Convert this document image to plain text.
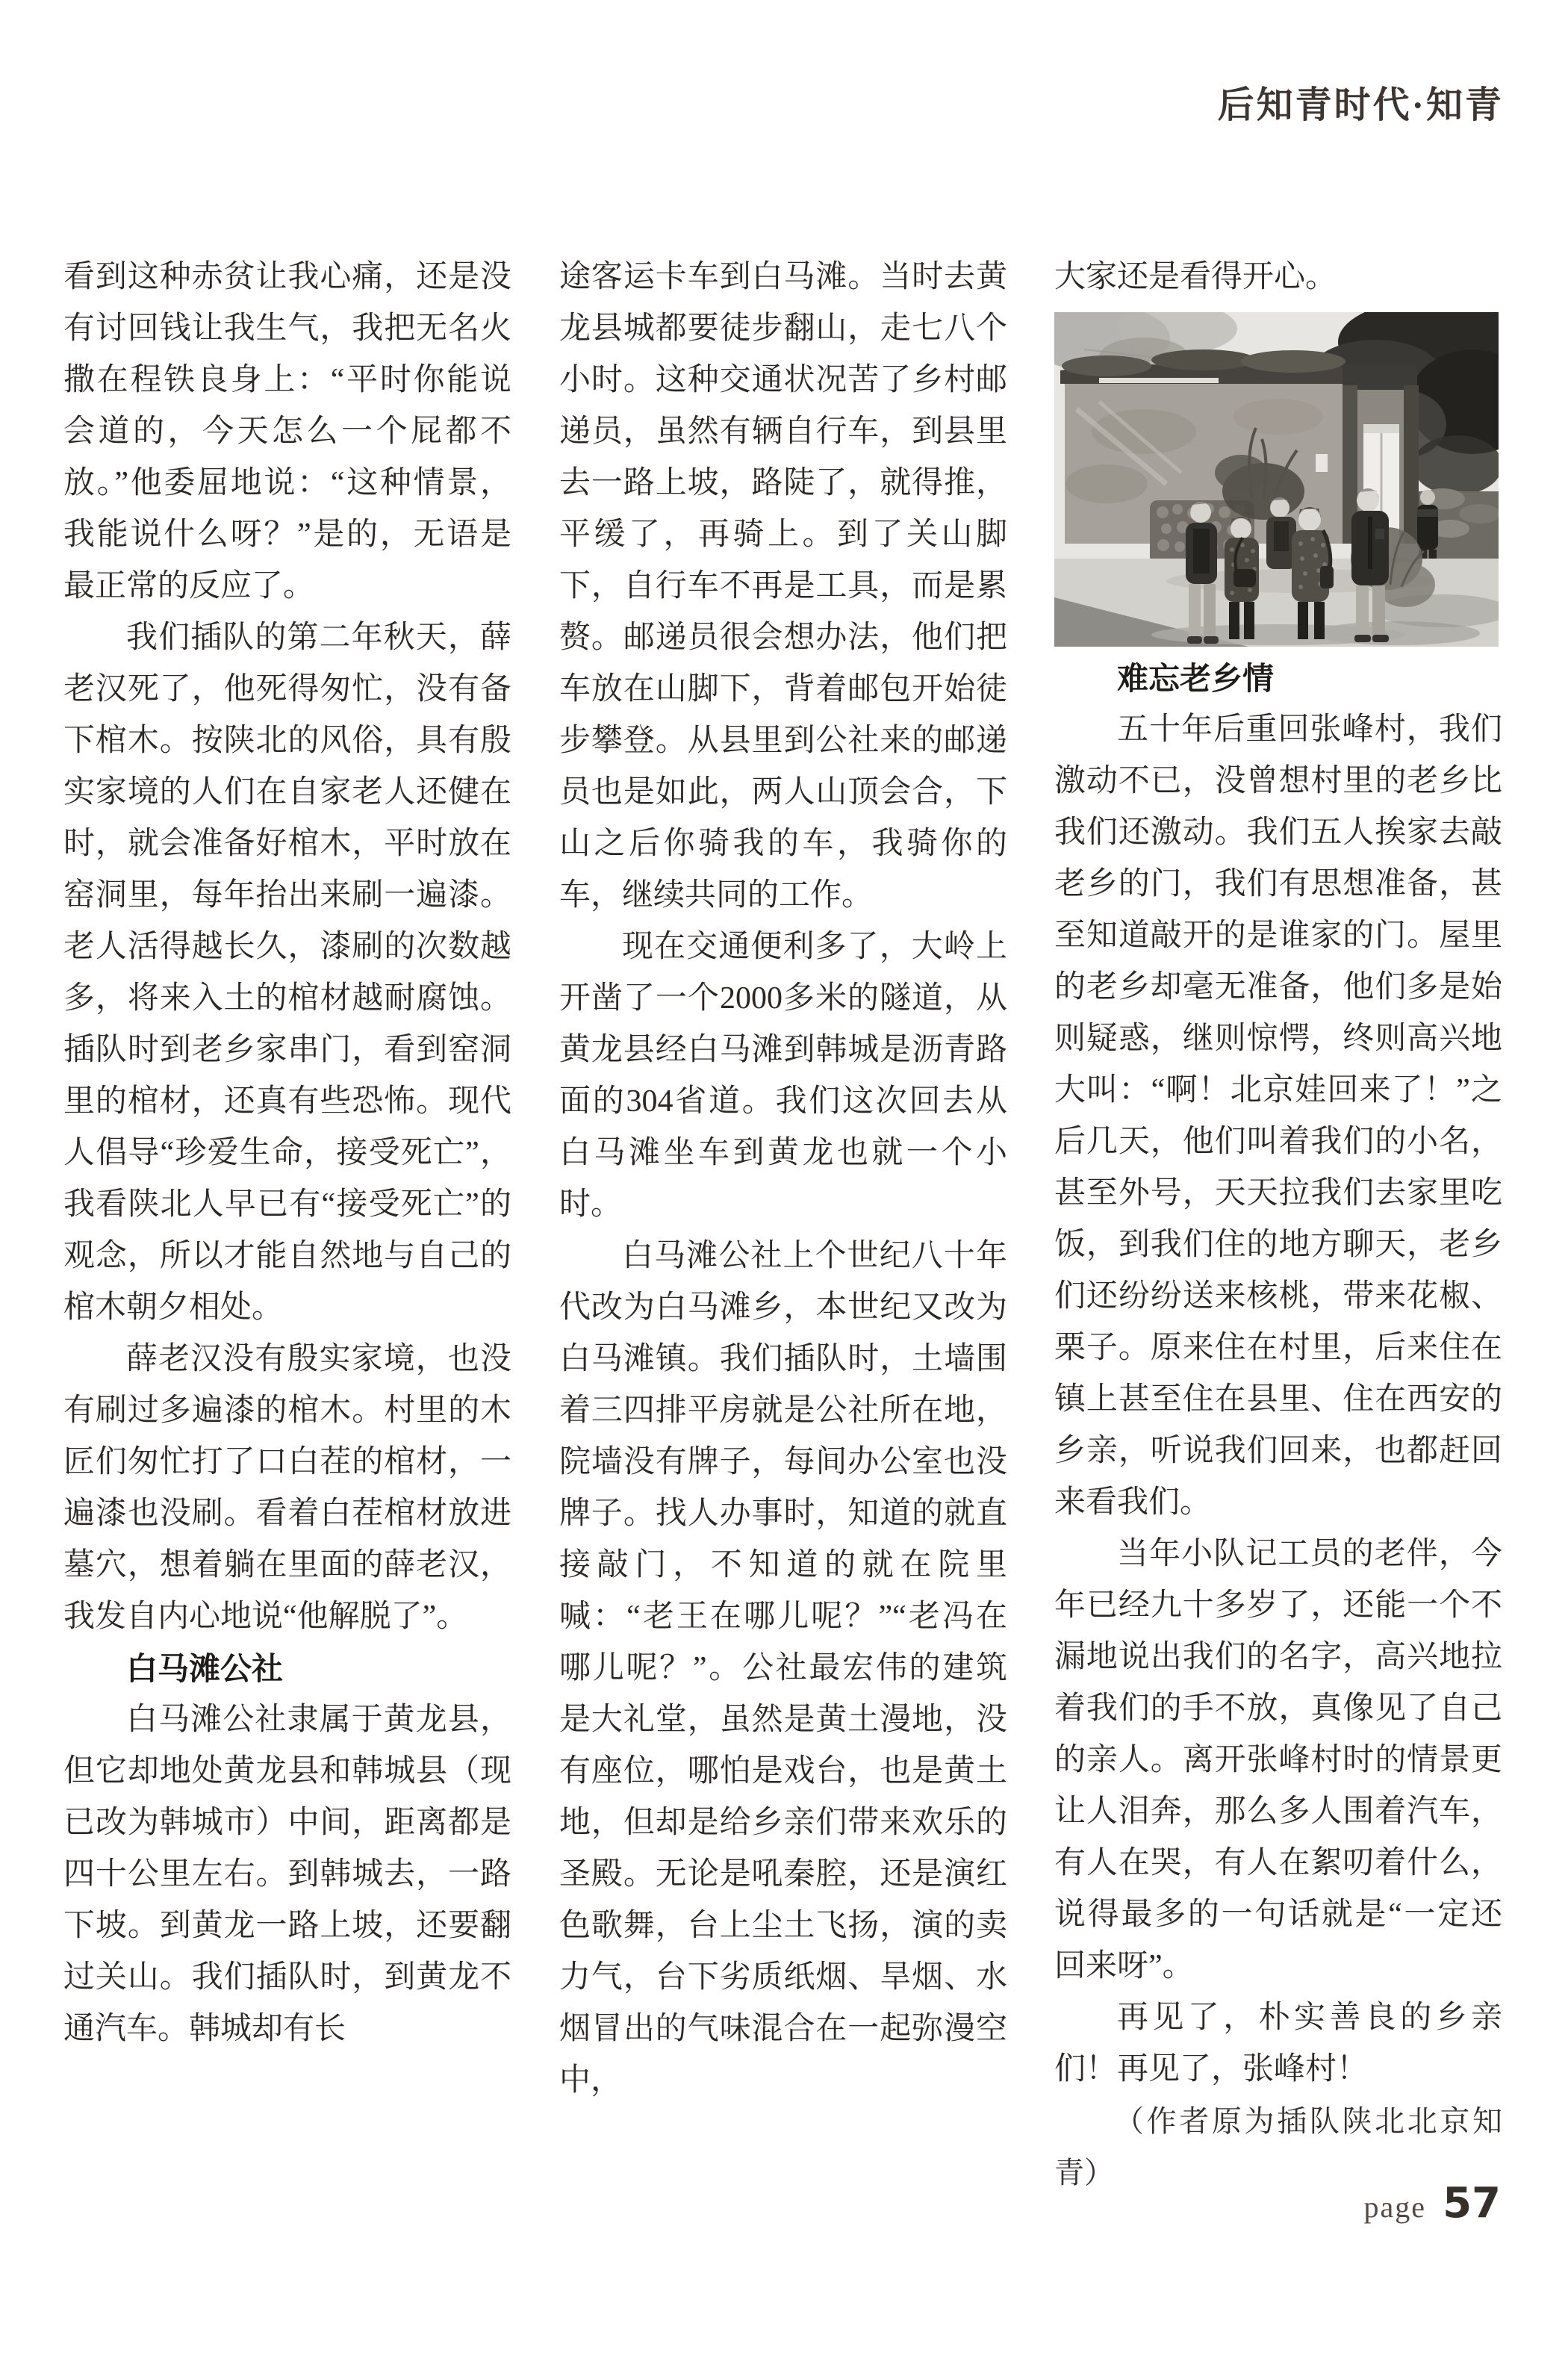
后知青时代·知青

看到这种赤贫让我心痛，还是没有讨回钱让我生气，我把无名火撒在程铁良身上：“平时你能说会道的，今天怎么一个屁都不放。”他委屈地说：“这种情景，我能说什么呀？”是的，无语是最正常的反应了。

我们插队的第二年秋天，薛老汉死了，他死得匆忙，没有备下棺木。按陕北的风俗，具有殷实家境的人们在自家老人还健在时，就会准备好棺木，平时放在窑洞里，每年抬出来刷一遍漆。老人活得越长久，漆刷的次数越多，将来入土的棺材越耐腐蚀。插队时到老乡家串门，看到窑洞里的棺材，还真有些恐怖。现代人倡导“珍爱生命，接受死亡”，我看陕北人早已有“接受死亡”的观念，所以才能自然地与自己的棺木朝夕相处。

薛老汉没有殷实家境，也没有刷过多遍漆的棺木。村里的木匠们匆忙打了口白茬的棺材，一遍漆也没刷。看着白茬棺材放进墓穴，想着躺在里面的薛老汉，我发自内心地说“他解脱了”。

白马滩公社

白马滩公社隶属于黄龙县，但它却地处黄龙县和韩城县（现已改为韩城市）中间，距离都是四十公里左右。到韩城去，一路下坡。到黄龙一路上坡，还要翻过关山。我们插队时，到黄龙不通汽车。韩城却有长

途客运卡车到白马滩。当时去黄龙县城都要徒步翻山，走七八个小时。这种交通状况苦了乡村邮递员，虽然有辆自行车，到县里去一路上坡，路陡了，就得推，平缓了，再骑上。到了关山脚下，自行车不再是工具，而是累赘。邮递员很会想办法，他们把车放在山脚下，背着邮包开始徒步攀登。从县里到公社来的邮递员也是如此，两人山顶会合，下山之后你骑我的车，我骑你的车，继续共同的工作。

现在交通便利多了，大岭上开凿了一个2000多米的隧道，从黄龙县经白马滩到韩城是沥青路面的304省道。我们这次回去从白马滩坐车到黄龙也就一个小时。

白马滩公社上个世纪八十年代改为白马滩乡，本世纪又改为白马滩镇。我们插队时，土墙围着三四排平房就是公社所在地，院墙没有牌子，每间办公室也没牌子。找人办事时，知道的就直接敲门，不知道的就在院里喊：“老王在哪儿呢？”“老冯在哪儿呢？”。公社最宏伟的建筑是大礼堂，虽然是黄土漫地，没有座位，哪怕是戏台，也是黄土地，但却是给乡亲们带来欢乐的圣殿。无论是吼秦腔，还是演红色歌舞，台上尘土飞扬，演的卖力气，台下劣质纸烟、旱烟、水烟冒出的气味混合在一起弥漫空中，

大家还是看得开心。

难忘老乡情

五十年后重回张峰村，我们激动不已，没曾想村里的老乡比我们还激动。我们五人挨家去敲老乡的门，我们有思想准备，甚至知道敲开的是谁家的门。屋里的老乡却毫无准备，他们多是始则疑惑，继则惊愕，终则高兴地大叫：“啊！北京娃回来了！”之后几天，他们叫着我们的小名，甚至外号，天天拉我们去家里吃饭，到我们住的地方聊天，老乡们还纷纷送来核桃，带来花椒、栗子。原来住在村里，后来住在镇上甚至住在县里、住在西安的乡亲，听说我们回来，也都赶回来看我们。

当年小队记工员的老伴，今年已经九十多岁了，还能一个不漏地说出我们的名字，高兴地拉着我们的手不放，真像见了自己的亲人。离开张峰村时的情景更让人泪奔，那么多人围着汽车，有人在哭，有人在絮叨着什么，说得最多的一句话就是“一定还回来呀”。

再见了，朴实善良的乡亲们！再见了，张峰村！

（作者原为插队陕北北京知青）

page 57
